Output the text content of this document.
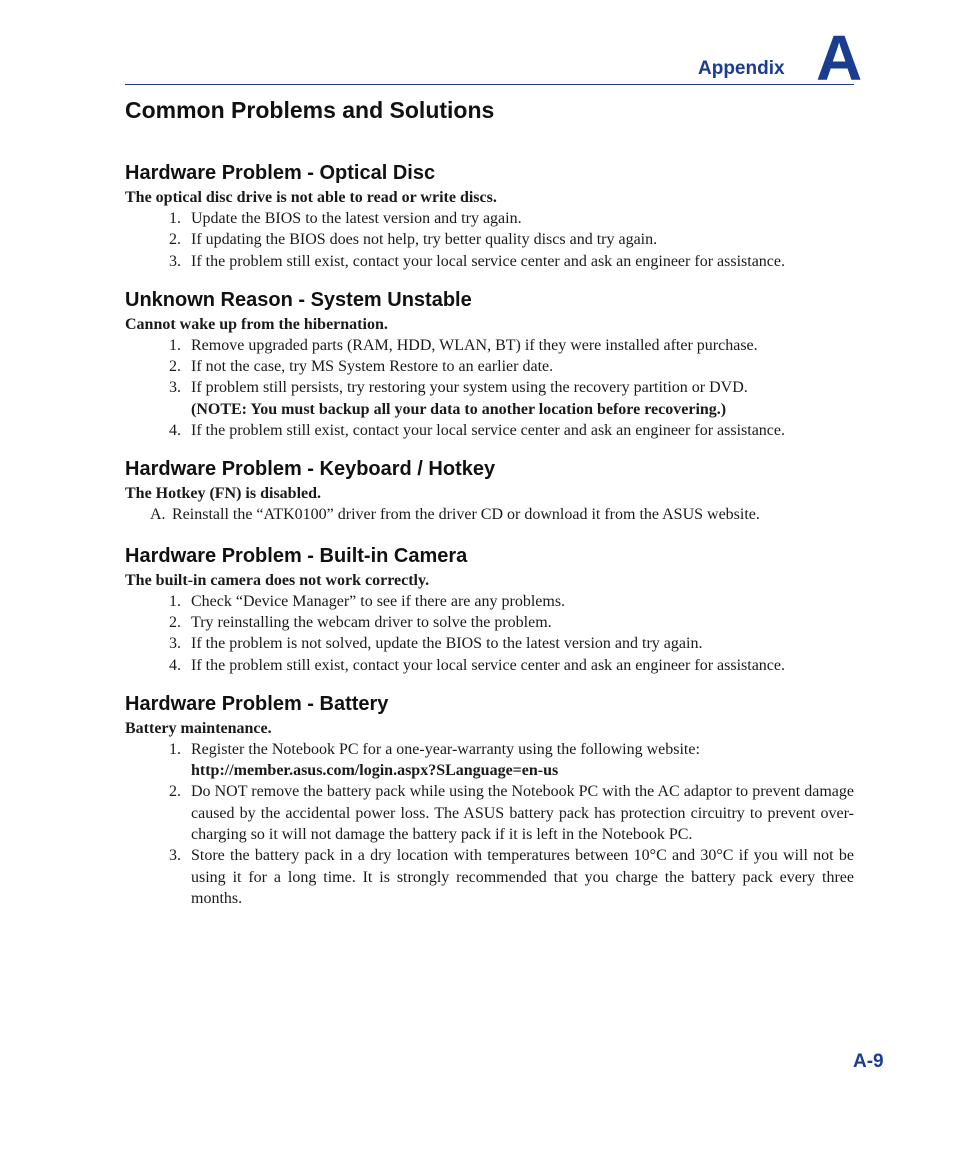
Appendix A
Common Problems and Solutions
Hardware Problem - Optical Disc

The optical disc drive is not able to read or write discs.

1. Update the BIOS to the latest version and try again.
2. If updating the BIOS does not help, try better quality discs and try again.
3. If the problem still exist, contact your local service center and ask an engineer for assistance.
Unknown Reason - System Unstable

Cannot wake up from the hibernation.

1. Remove upgraded parts (RAM, HDD, WLAN, BT) if they were installed after purchase.
2. If not the case, try MS System Restore to an earlier date.
3. If problem still persists, try restoring your system using the recovery partition or DVD.
(NOTE: You must backup all your data to another location before recovering.)
4. If the problem still exist, contact your local service center and ask an engineer for assistance.
Hardware Problem - Keyboard / Hotkey

The Hotkey (FN) is disabled.

A. Reinstall the “ATK0100” driver from the driver CD or download it from the ASUS website.
Hardware Problem - Built-in Camera

The built-in camera does not work correctly.

1. Check “Device Manager” to see if there are any problems.
2. Try reinstalling the webcam driver to solve the problem.
3. If the problem is not solved, update the BIOS to the latest version and try again.
4. If the problem still exist, contact your local service center and ask an engineer for assistance.
Hardware Problem - Battery

Battery maintenance.

1. Register the Notebook PC for a one-year-warranty using the following website:
http://member.asus.com/login.aspx?SLanguage=en-us
2. Do NOT remove the battery pack while using the Notebook PC with the AC adaptor to prevent damage caused by the accidental power loss. The ASUS battery pack has protection circuitry to prevent over-charging so it will not damage the battery pack if it is left in the Notebook PC.
3. Store the battery pack in a dry location with temperatures between 10°C and 30°C if you will not be using it for a long time. It is strongly recommended that you charge the battery pack every three months.
A-9
